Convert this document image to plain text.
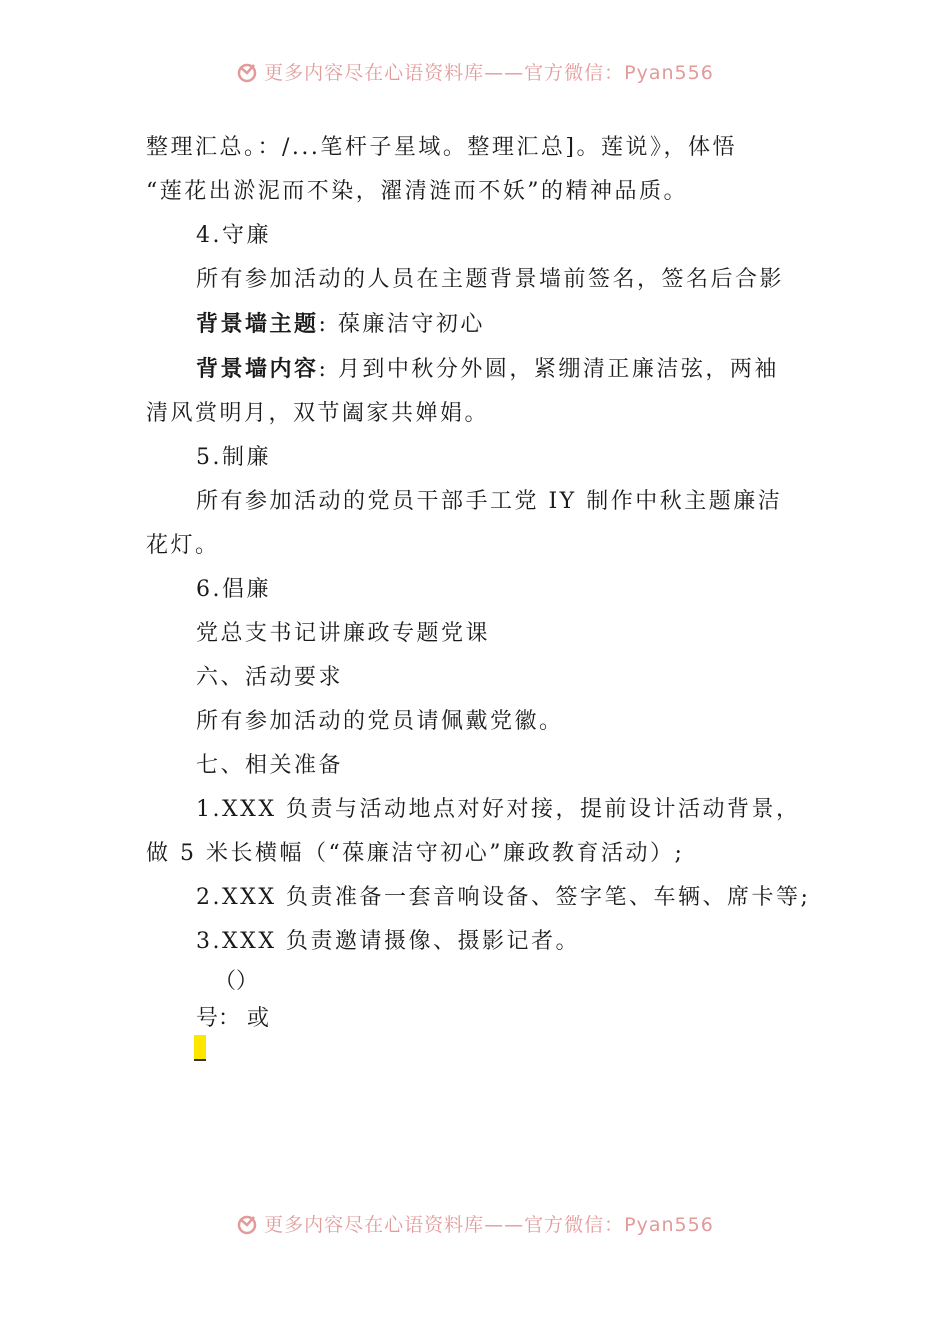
更多内容尽在心语资料库——官方微信：Pyan556

整理汇总。：/...笔杆子星域。整理汇总]。莲说》，体悟

“莲花出淤泥而不染，濯清涟而不妖”的精神品质。

4.守廉

所有参加活动的人员在主题背景墙前签名，签名后合影

背景墙主题: 葆廉洁守初心

背景墙内容: 月到中秋分外圆，紧绷清正廉洁弦，两袖

清风赏明月，双节阖家共婵娟。

5.制廉

所有参加活动的党员干部手工党 IY 制作中秋主题廉洁

花灯。

6.倡廉

党总支书记讲廉政专题党课

六、活动要求

所有参加活动的党员请佩戴党徽。

七、相关准备

1.XXX 负责与活动地点对好对接，提前设计活动背景，

做 5 米长横幅（“葆廉洁守初心”廉政教育活动）;

2.XXX 负责准备一套音响设备、签字笔、车辆、席卡等;

3.XXX 负责邀请摄像、摄影记者。

（）

号： 或

更多内容尽在心语资料库——官方微信：Pyan556
